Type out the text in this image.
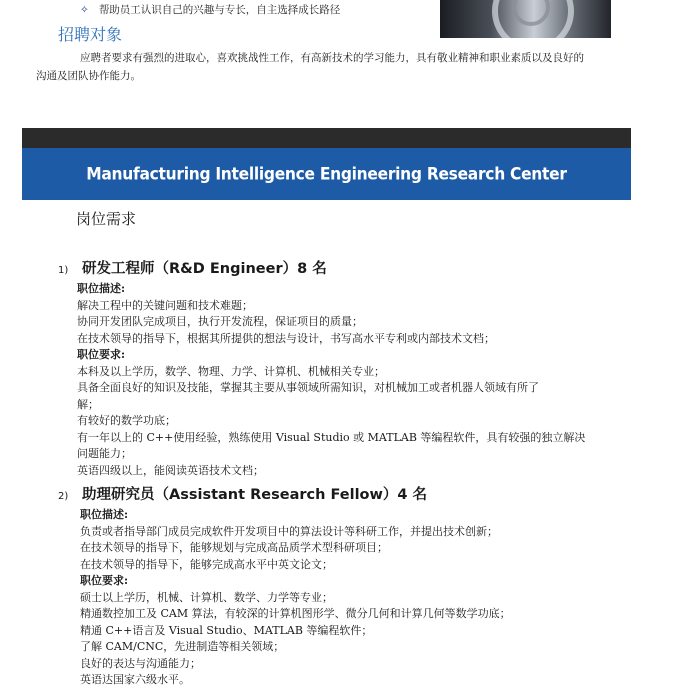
✧ 帮助员工认识自己的兴趣与专长，自主选择成长路径
招聘对象
应聘者要求有强烈的进取心，喜欢挑战性工作，有高新技术的学习能力，具有敬业精神和职业素质以及良好的
沟通及团队协作能力。
Manufacturing Intelligence Engineering Research Center
岗位需求
1) 研发工程师（R&D Engineer）8 名
职位描述:
解决工程中的关键问题和技术难题；
协同开发团队完成项目，执行开发流程，保证项目的质量；
在技术领导的指导下，根据其所提供的想法与设计，书写高水平专利或内部技术文档；
职位要求:
本科及以上学历，数学、物理、力学、计算机、机械相关专业；
具备全面良好的知识及技能，掌握其主要从事领域所需知识，对机械加工或者机器人领域有所了
解；
有较好的数学功底；
有一年以上的 C++使用经验，熟练使用 Visual Studio 或 MATLAB 等编程软件，具有较强的独立解决
问题能力；
英语四级以上，能阅读英语技术文档；
2) 助理研究员（Assistant Research Fellow）4 名
职位描述:
负责或者指导部门成员完成软件开发项目中的算法设计等科研工作，并提出技术创新；
在技术领导的指导下，能够规划与完成高品质学术型科研项目；
在技术领导的指导下，能够完成高水平中英文论文；
职位要求:
硕士以上学历，机械、计算机、数学、力学等专业；
精通数控加工及 CAM 算法，有较深的计算机图形学、微分几何和计算几何等数学功底；
精通 C++语言及 Visual Studio、MATLAB 等编程软件；
了解 CAM/CNC，先进制造等相关领域；
良好的表达与沟通能力；
英语达国家六级水平。
